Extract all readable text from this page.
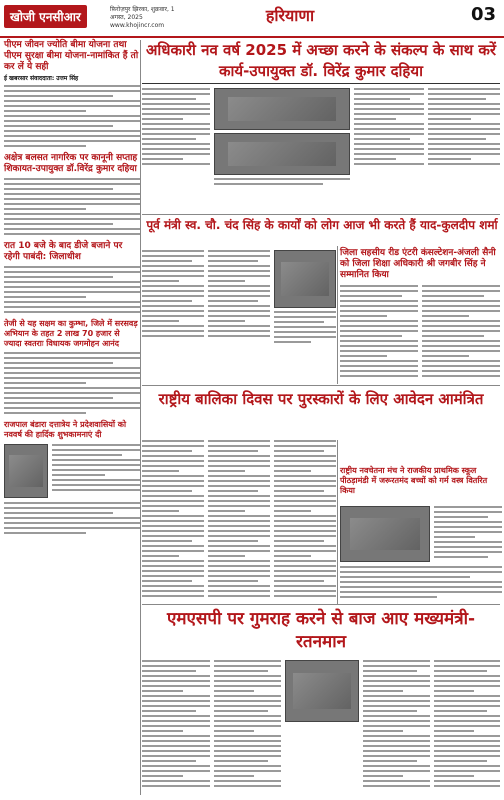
खोजी एनसीआर
फ़िरोज़पुर झिरका, शुक्रवार, 1 अगस्त, 2025
www.khojincr.com
हरियाणा	03
पीएम जीवन ज्योति बीमा योजना तथा पीएम सुरक्षा बीमा योजना-नामांकित हैं तो कर लें ये सही
ई खबरसार संवाददाता: उत्तम सिंह
अक्षेत्र बलसत नागरिक पर कानूनी सप्ताह शिकायत-उपायुक्त डॉ.विरेंद्र कुमार दहिया
रात 10 बजे के बाद डीजे बजाने पर रहेगी पाबंदी: जिलाधीश
तेजी से यह सक्षम का कुम्भा, जिले में सरसवड़ अभियान के तहत 2 लाख 70 हजार से ज्यादा स्वतराः विधायक जगमोहन आनंद
राजपाल बंडारा दत्तात्रेय ने प्रदेशवासियों को नववर्ष की हार्दिक शुभकामनाएं दी
अधिकारी नव वर्ष 2025 में अच्छा करने के संकल्प के साथ करें कार्य-उपायुक्त डॉ. विरेंद्र कुमार दहिया
पूर्व मंत्री स्व. चौ. चंद सिंह के कार्यों को लोग आज भी करते हैं याद-कुलदीप शर्मा
जिला सहसीय रीड एंटरी कंसल्टेशन-अंजली सैनी को जिला शिक्षा अधिकारी श्री जगबीर सिंह ने सम्मानित किया
राष्ट्रीय बालिका दिवस पर पुरस्कारों के लिए आवेदन आमंत्रित
राष्ट्रीय नवचेतना मंच ने राजकीय प्राथमिक स्कूल पीठड़ामंडी में जरूरतमंद बच्चों को गर्म वस्त्र वितरित किया
एमएसपी पर गुमराह करने से बाज आए मख्यमंत्री-रतनमान
